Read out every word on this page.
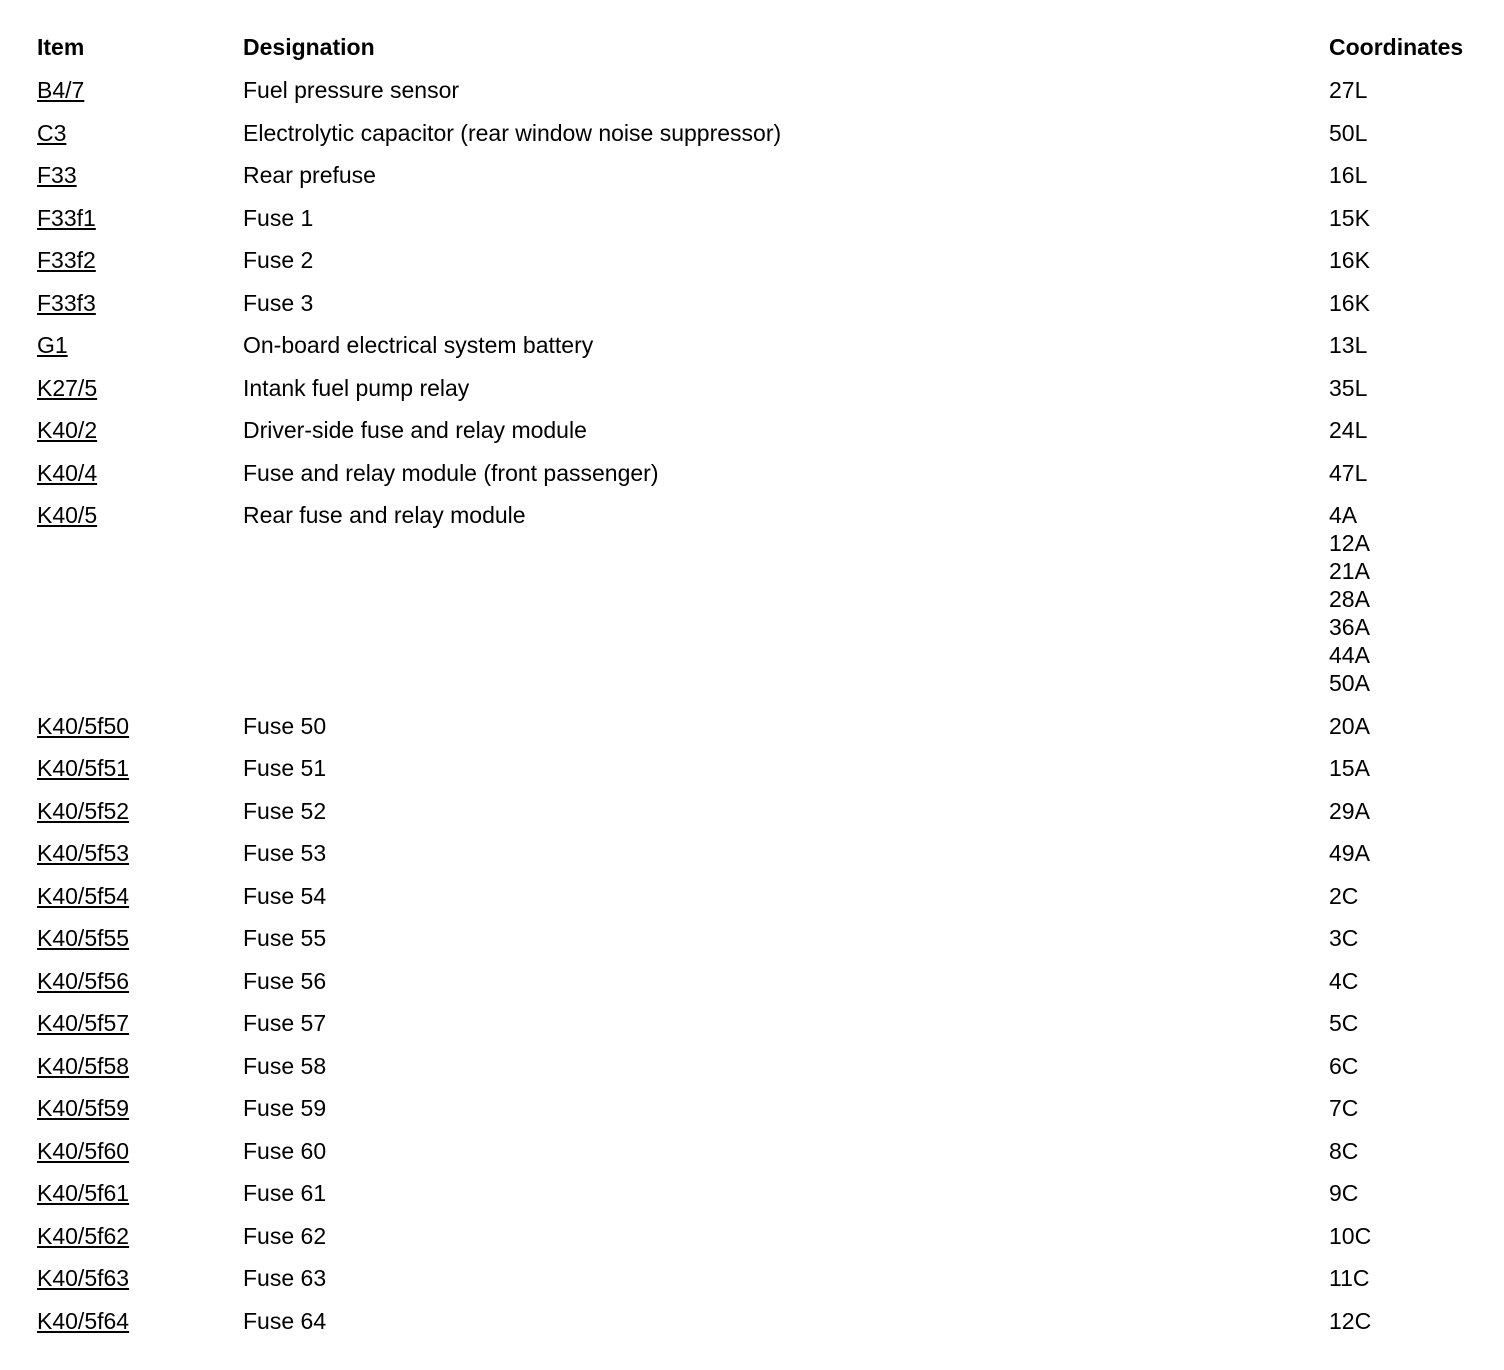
Item	Designation	Coordinates
B4/7	Fuel pressure sensor	27L
C3	Electrolytic capacitor (rear window noise suppressor)	50L
F33	Rear prefuse	16L
F33f1	Fuse 1	15K
F33f2	Fuse 2	16K
F33f3	Fuse 3	16K
G1	On-board electrical system battery	13L
K27/5	Intank fuel pump relay	35L
K40/2	Driver-side fuse and relay module	24L
K40/4	Fuse and relay module (front passenger)	47L
K40/5	Rear fuse and relay module	4A
12A
21A
28A
36A
44A
50A
K40/5f50	Fuse 50	20A
K40/5f51	Fuse 51	15A
K40/5f52	Fuse 52	29A
K40/5f53	Fuse 53	49A
K40/5f54	Fuse 54	2C
K40/5f55	Fuse 55	3C
K40/5f56	Fuse 56	4C
K40/5f57	Fuse 57	5C
K40/5f58	Fuse 58	6C
K40/5f59	Fuse 59	7C
K40/5f60	Fuse 60	8C
K40/5f61	Fuse 61	9C
K40/5f62	Fuse 62	10C
K40/5f63	Fuse 63	11C
K40/5f64	Fuse 64	12C
